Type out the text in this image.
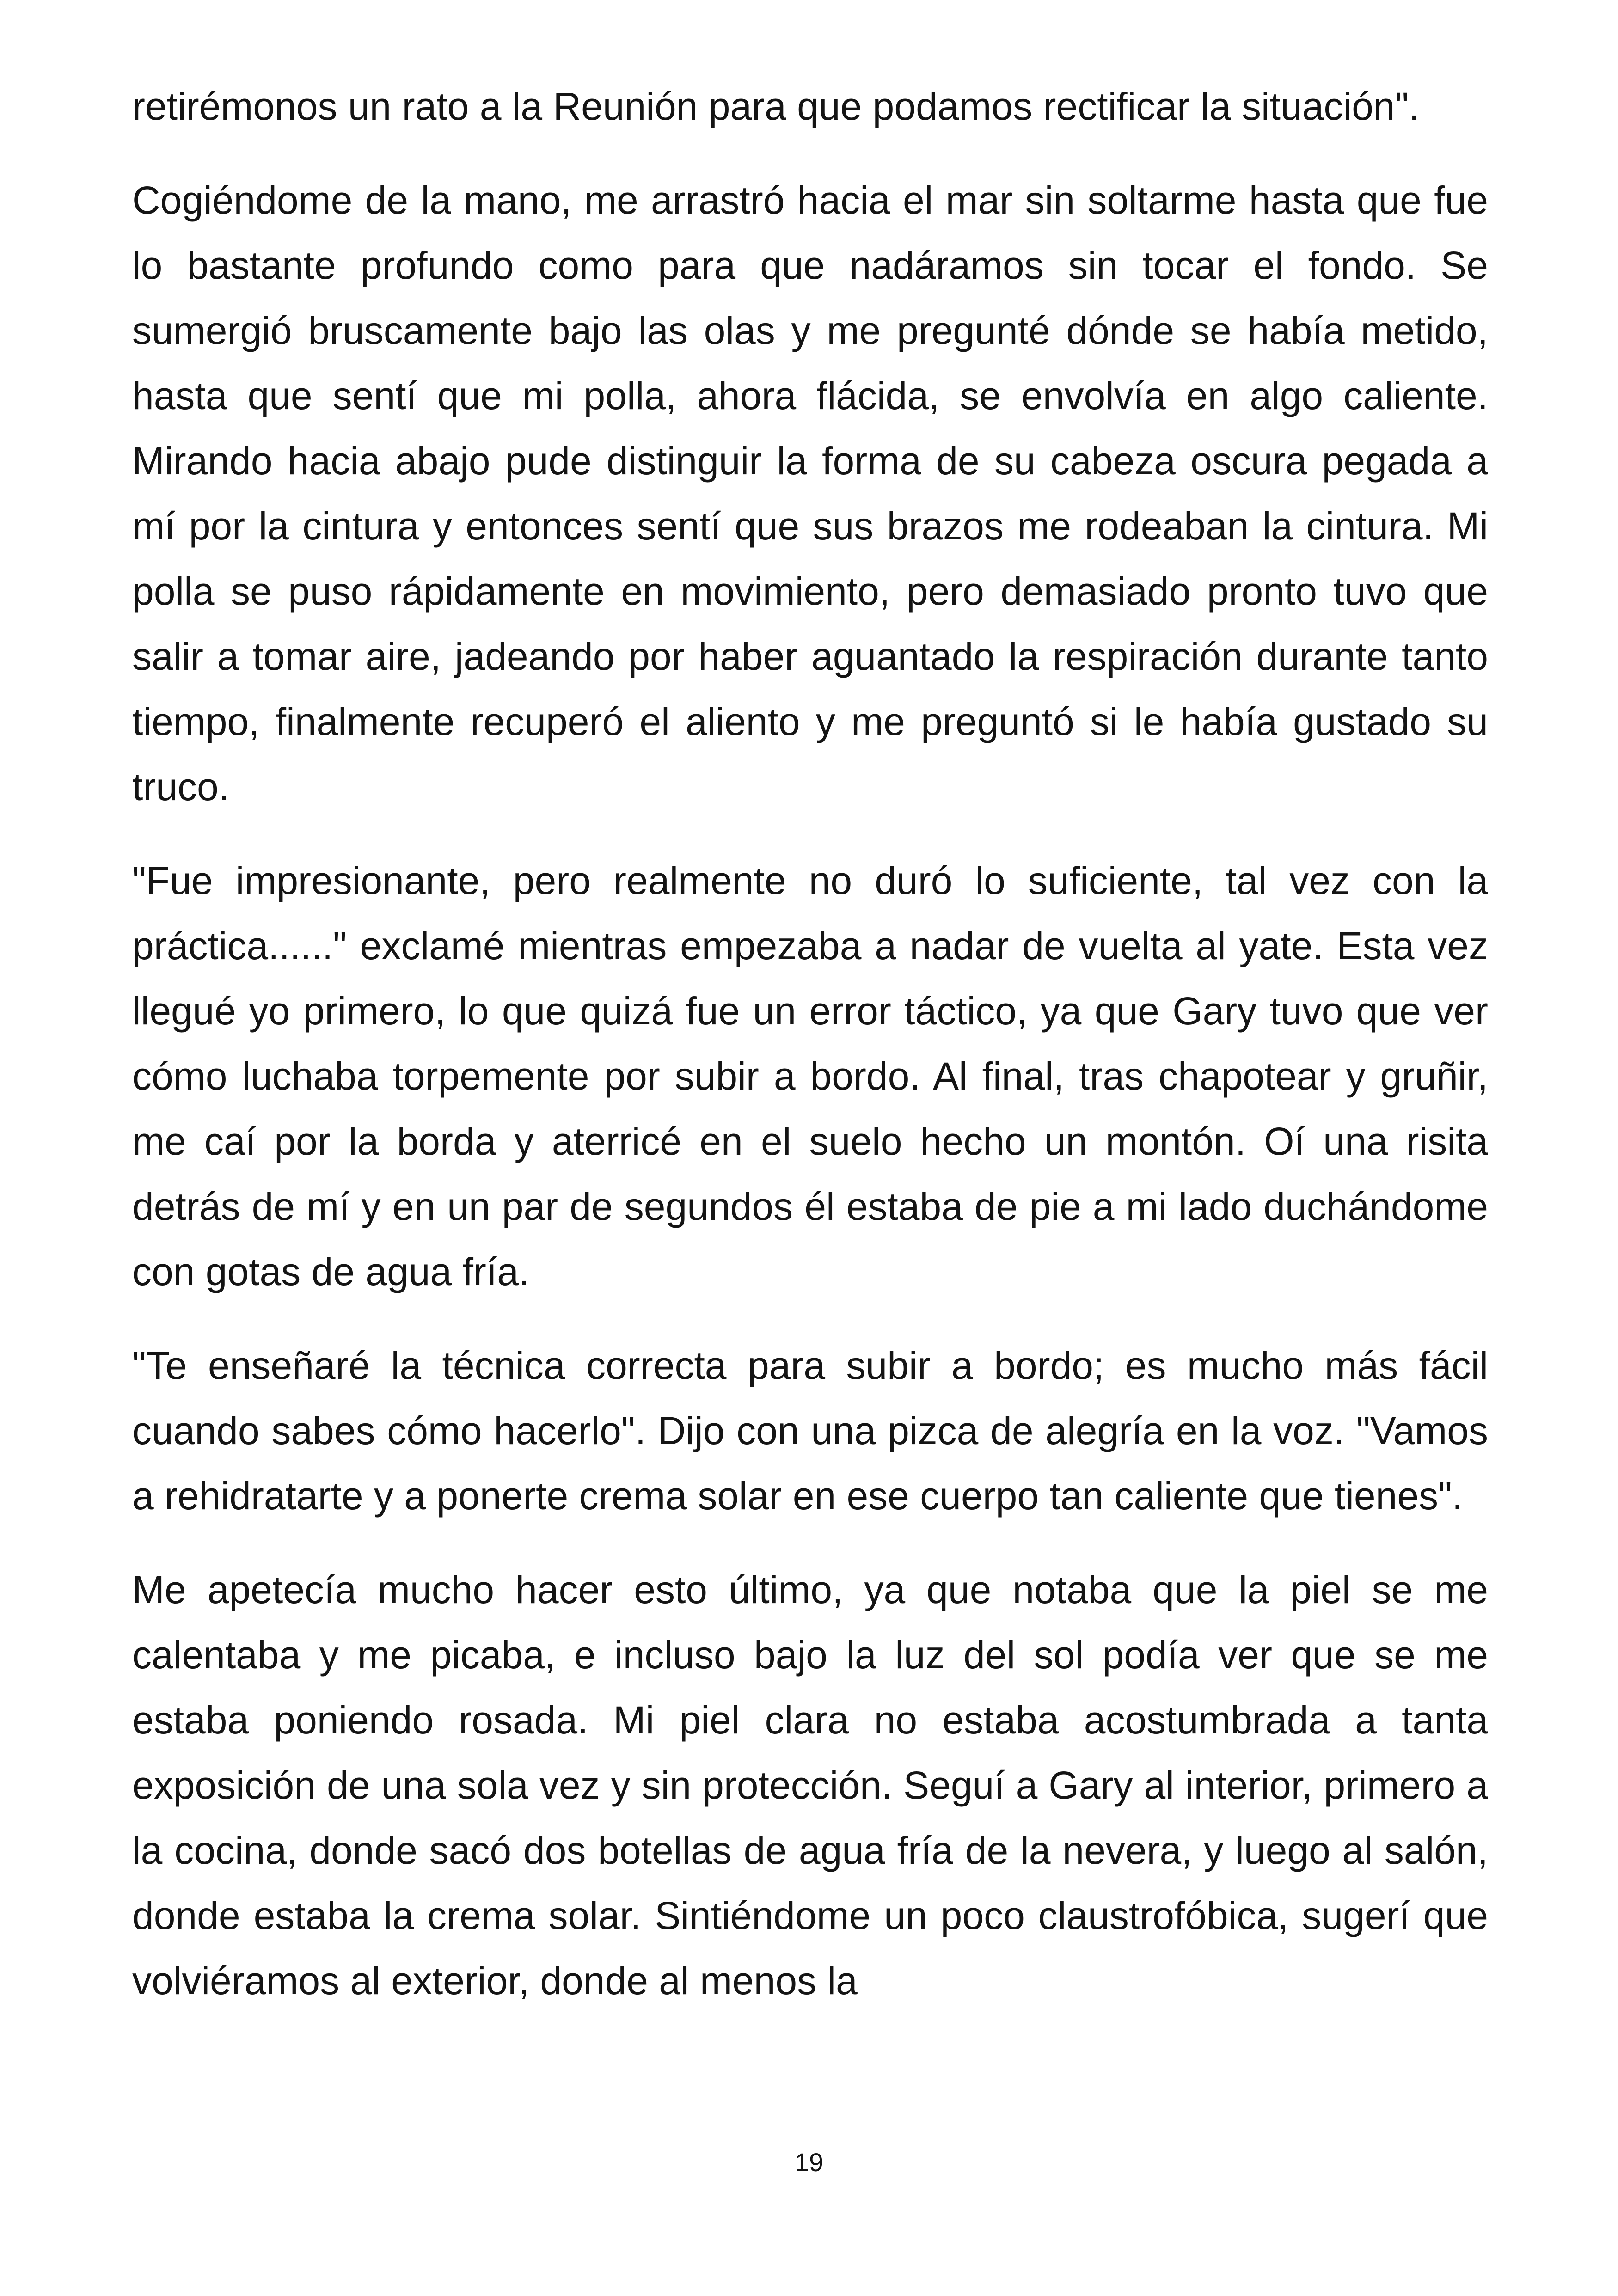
retirémonos un rato a la Reunión para que podamos rectificar la situación".

Cogiéndome de la mano, me arrastró hacia el mar sin soltarme hasta que fue lo bastante profundo como para que nadáramos sin tocar el fondo. Se sumergió bruscamente bajo las olas y me pregunté dónde se había metido, hasta que sentí que mi polla, ahora flácida, se envolvía en algo caliente. Mirando hacia abajo pude distinguir la forma de su cabeza oscura pegada a mí por la cintura y entonces sentí que sus brazos me rodeaban la cintura. Mi polla se puso rápidamente en movimiento, pero demasiado pronto tuvo que salir a tomar aire, jadeando por haber aguantado la respiración durante tanto tiempo, finalmente recuperó el aliento y me preguntó si le había gustado su truco.

"Fue impresionante, pero realmente no duró lo suficiente, tal vez con la práctica......" exclamé mientras empezaba a nadar de vuelta al yate. Esta vez llegué yo primero, lo que quizá fue un error táctico, ya que Gary tuvo que ver cómo luchaba torpemente por subir a bordo. Al final, tras chapotear y gruñir, me caí por la borda y aterricé en el suelo hecho un montón. Oí una risita detrás de mí y en un par de segundos él estaba de pie a mi lado duchándome con gotas de agua fría.

"Te enseñaré la técnica correcta para subir a bordo; es mucho más fácil cuando sabes cómo hacerlo". Dijo con una pizca de alegría en la voz. "Vamos a rehidratarte y a ponerte crema solar en ese cuerpo tan caliente que tienes".

Me apetecía mucho hacer esto último, ya que notaba que la piel se me calentaba y me picaba, e incluso bajo la luz del sol podía ver que se me estaba poniendo rosada. Mi piel clara no estaba acostumbrada a tanta exposición de una sola vez y sin protección. Seguí a Gary al interior, primero a la cocina, donde sacó dos botellas de agua fría de la nevera, y luego al salón, donde estaba la crema solar. Sintiéndome un poco claustrofóbica, sugerí que volviéramos al exterior, donde al menos la

19
